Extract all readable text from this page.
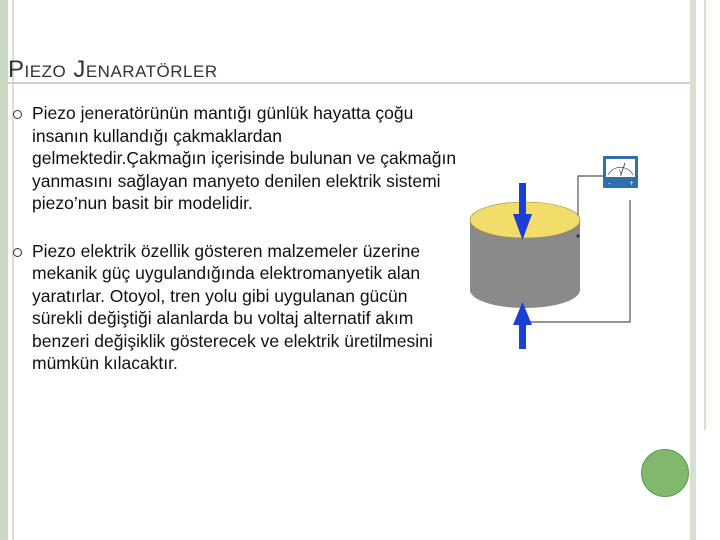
Piezo Jenaratörler
Piezo jeneratörünün mantığı günlük hayatta çoğu insanın kullandığı çakmaklardan gelmektedir.Çakmağın içerisinde bulunan ve çakmağın yanmasını sağlayan manyeto denilen elektrik sistemi piezo’nun basit bir modelidir.
Piezo elektrik özellik gösteren malzemeler üzerine mekanik güç uygulandığında elektromanyetik alan yaratırlar. Otoyol, tren yolu gibi uygulanan gücün sürekli değiştiği alanlarda bu voltaj alternatif akım benzeri değişiklik gösterecek ve elektrik üretilmesini mümkün kılacaktır.
V
–	+
